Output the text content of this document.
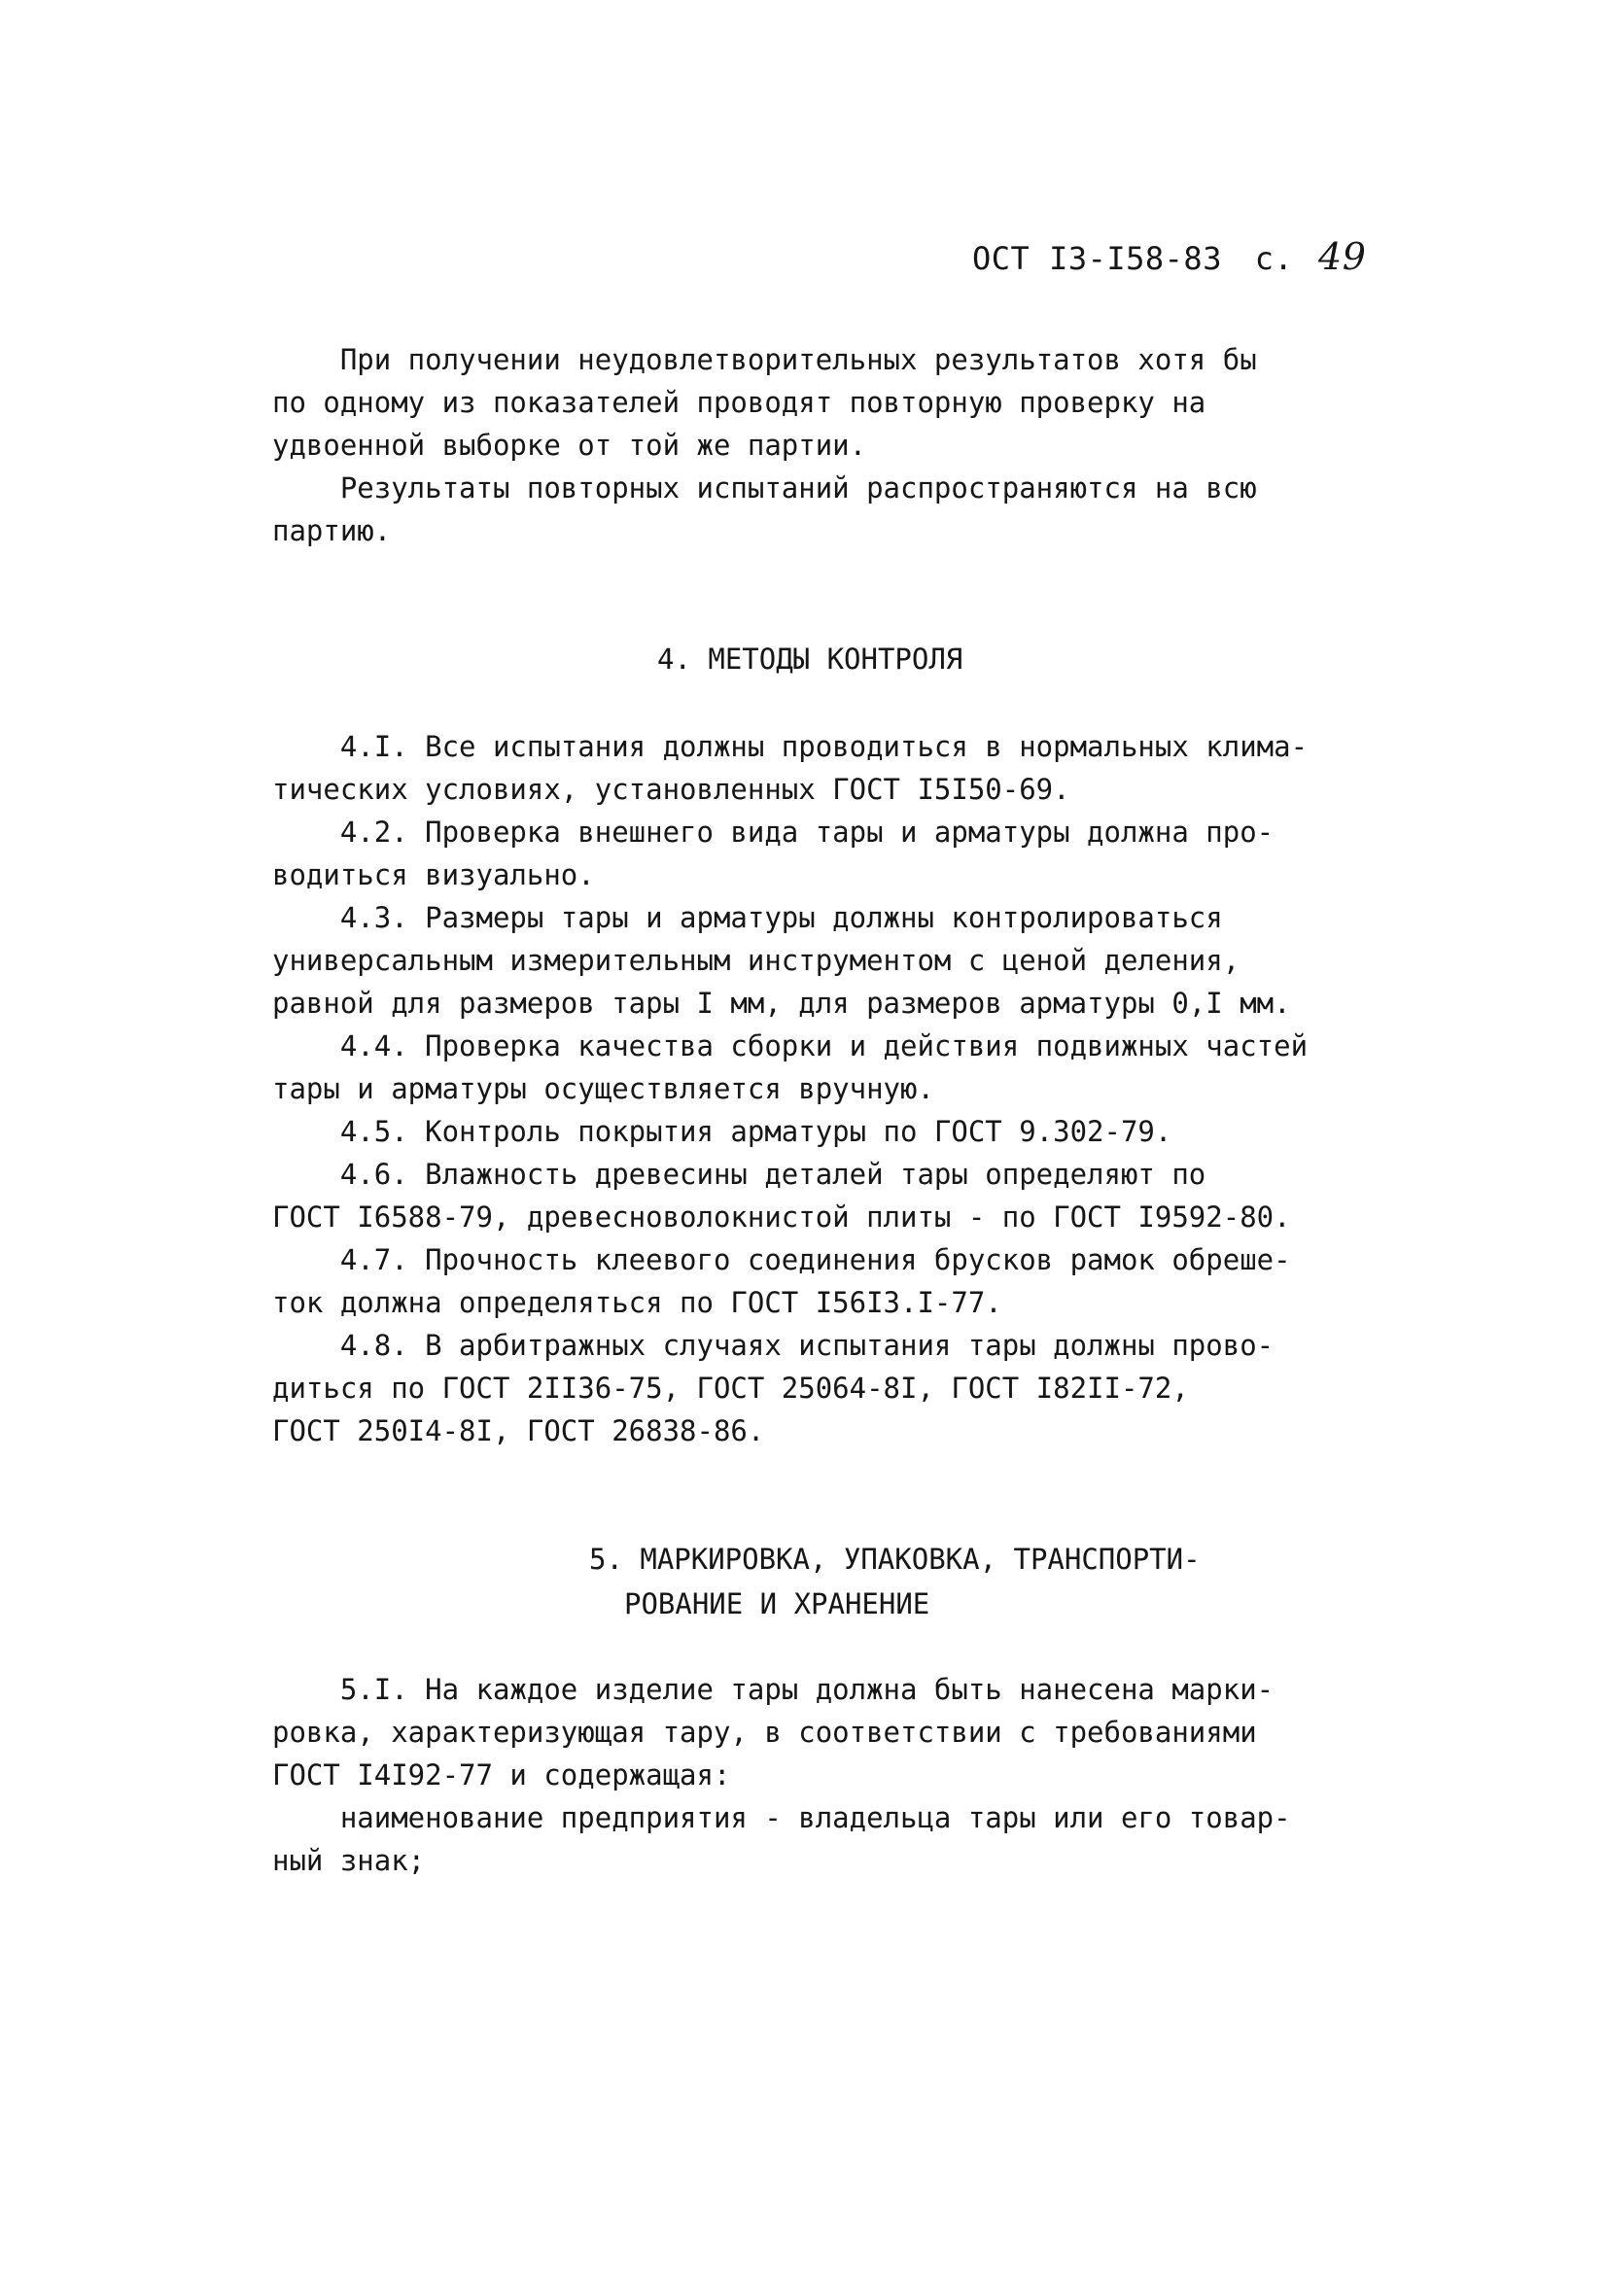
ОСТ I3-I58-83 с. 49

При получении неудовлетворительных результатов хотя бы
по одному из показателей проводят повторную проверку на
удвоенной выборке от той же партии.

Результаты повторных испытаний распространяются на всю
партию.

4. МЕТОДЫ КОНТРОЛЯ

4.I. Все испытания должны проводиться в нормальных клима-
тических условиях, установленных ГОСТ I5I50-69.

4.2. Проверка внешнего вида тары и арматуры должна про-
водиться визуально.

4.3. Размеры тары и арматуры должны контролироваться
универсальным измерительным инструментом с ценой деления,
равной для размеров тары I мм, для размеров арматуры 0,I мм.

4.4. Проверка качества сборки и действия подвижных частей
тары и арматуры осуществляется вручную.

4.5. Контроль покрытия арматуры по ГОСТ 9.302-79.

4.6. Влажность древесины деталей тары определяют по
ГОСТ I6588-79, древесноволокнистой плиты - по ГОСТ I9592-80.

4.7. Прочность клеевого соединения брусков рамок обреше-
ток должна определяться по ГОСТ I56I3.I-77.

4.8. В арбитражных случаях испытания тары должны прово-
диться по ГОСТ 2II36-75, ГОСТ 25064-8I, ГОСТ I82II-72,
ГОСТ 250I4-8I, ГОСТ 26838-86.

5. МАРКИРОВКА, УПАКОВКА, ТРАНСПОРТИ-
РОВАНИЕ И ХРАНЕНИЕ

5.I. На каждое изделие тары должна быть нанесена марки-
ровка, характеризующая тару, в соответствии с требованиями
ГОСТ I4I92-77 и содержащая:

наименование предприятия - владельца тары или его товар-
ный знак;
